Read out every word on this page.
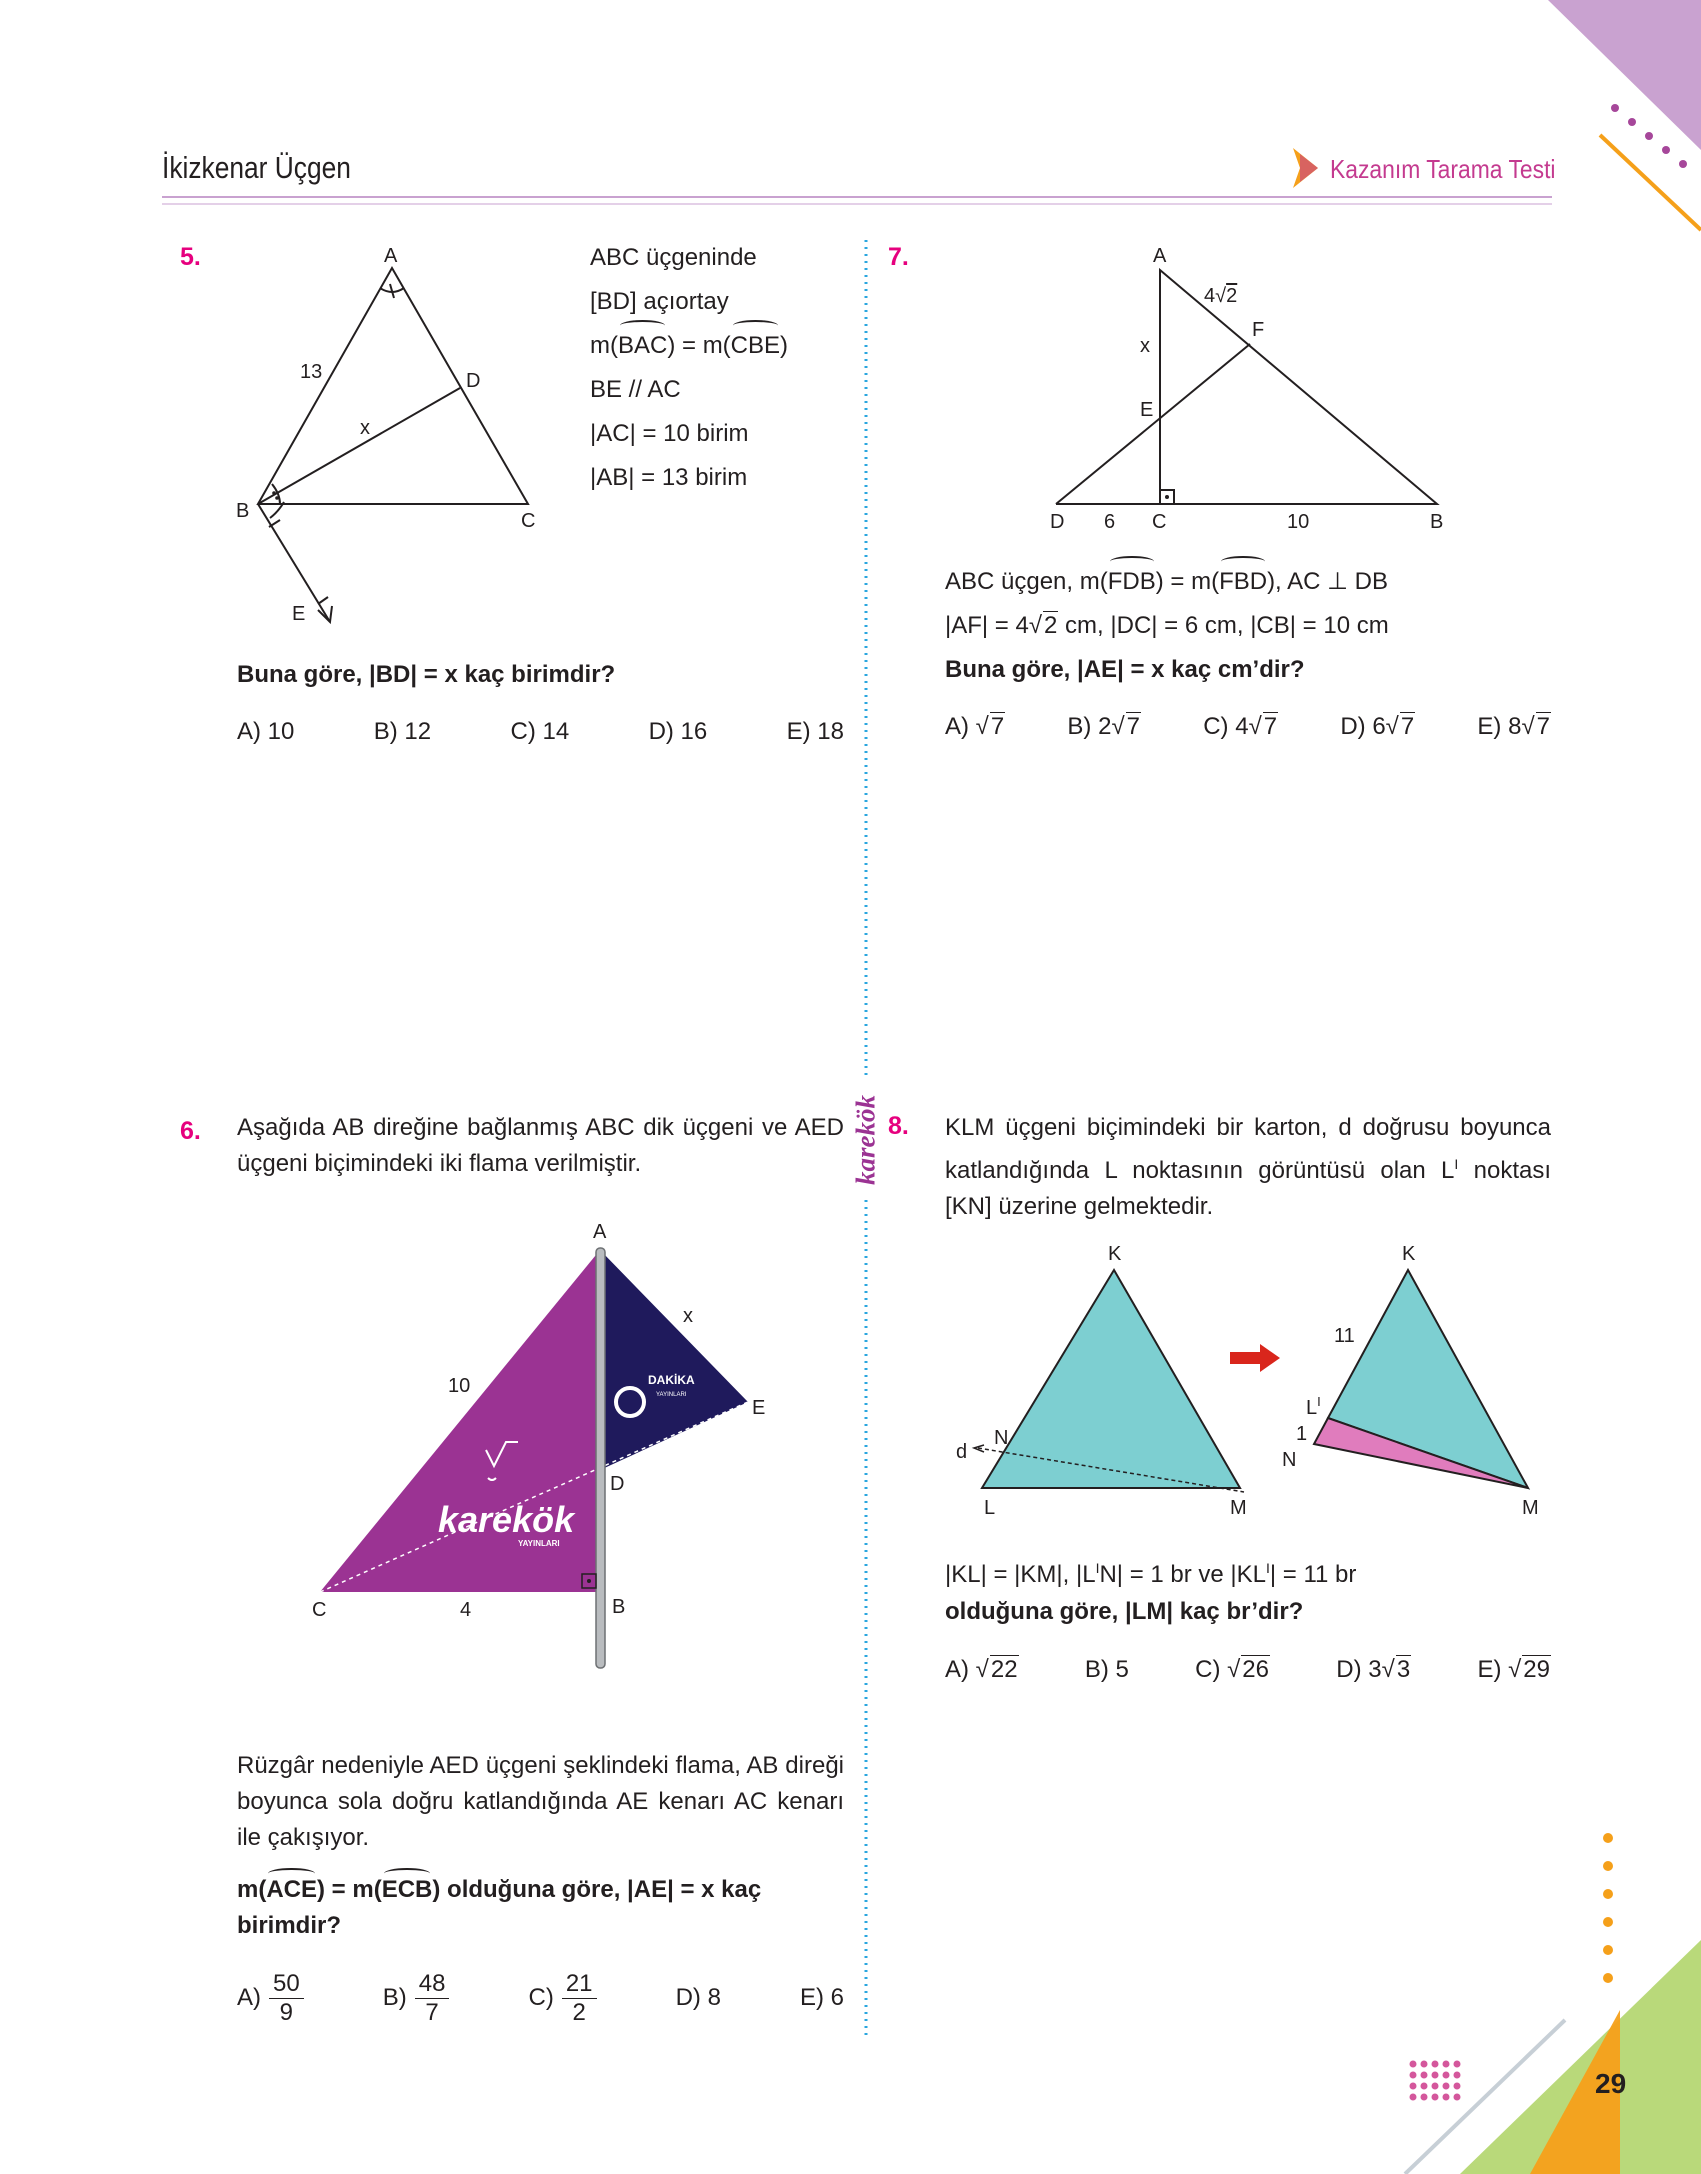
İkizkenar Üçgen	Kazanım Tarama Testi
karekök
29
5.	A
B	C
D
E
13
x
ABC üçgeninde
[BD] açıortay
m(BAC) = m(CBE)
BE // AC
|AC| = 10 birim
|AB| = 13 birim
Buna göre, |BD| = x kaç birimdir?
A) 10	B) 12	C) 14	D) 16	E) 18
6. Aşağıda AB direğine bağlanmış ABC dik üçgeni ve AED üçgeni biçimindeki iki flama verilmiştir.
DAKİKA
YAYINLARI
karekök
YAYINLARI
A
B
C
D
E
10
x
4
Rüzgâr nedeniyle AED üçgeni şeklindeki flama, AB direği boyunca sola doğru katlandığında AE kenarı AC kenarı ile çakışıyor.
m(ACE) = m(ECB) olduğuna göre, |AE| = x kaç birimdir?
$A) \frac{50}{9}$	$B) \frac{48}{7}$	$C) \frac{21}{2}$	D) 8	E) 6
7.	A
B
C
D
E
F
x
6	10
4√2
ABC üçgen, m(FDB) = m(FBD), AC ⊥ DB
|AF| = 4√2 cm, |DC| = 6 cm, |CB| = 10 cm
Buna göre, |AE| = x kaç cm’dir?
A) √7	B) 2√7	C) 4√7	D) 6√7	E) 8√7
8. KLM üçgeni biçimindeki bir karton, d doğrusu boyunca katlandığında L noktasının görüntüsü olan $L^I$ noktası [KN] üzerine gelmektedir.
K
L	M
N
d
K
M
N
$L^I$
11
1
|KL| = |KM|, $|L^IN| = 1$ br ve $|KL^I| = 11$ br
olduğuna göre, |LM| kaç br’dir?
A) √22	B) 5	C) √26	D) 3√3	E) √29
